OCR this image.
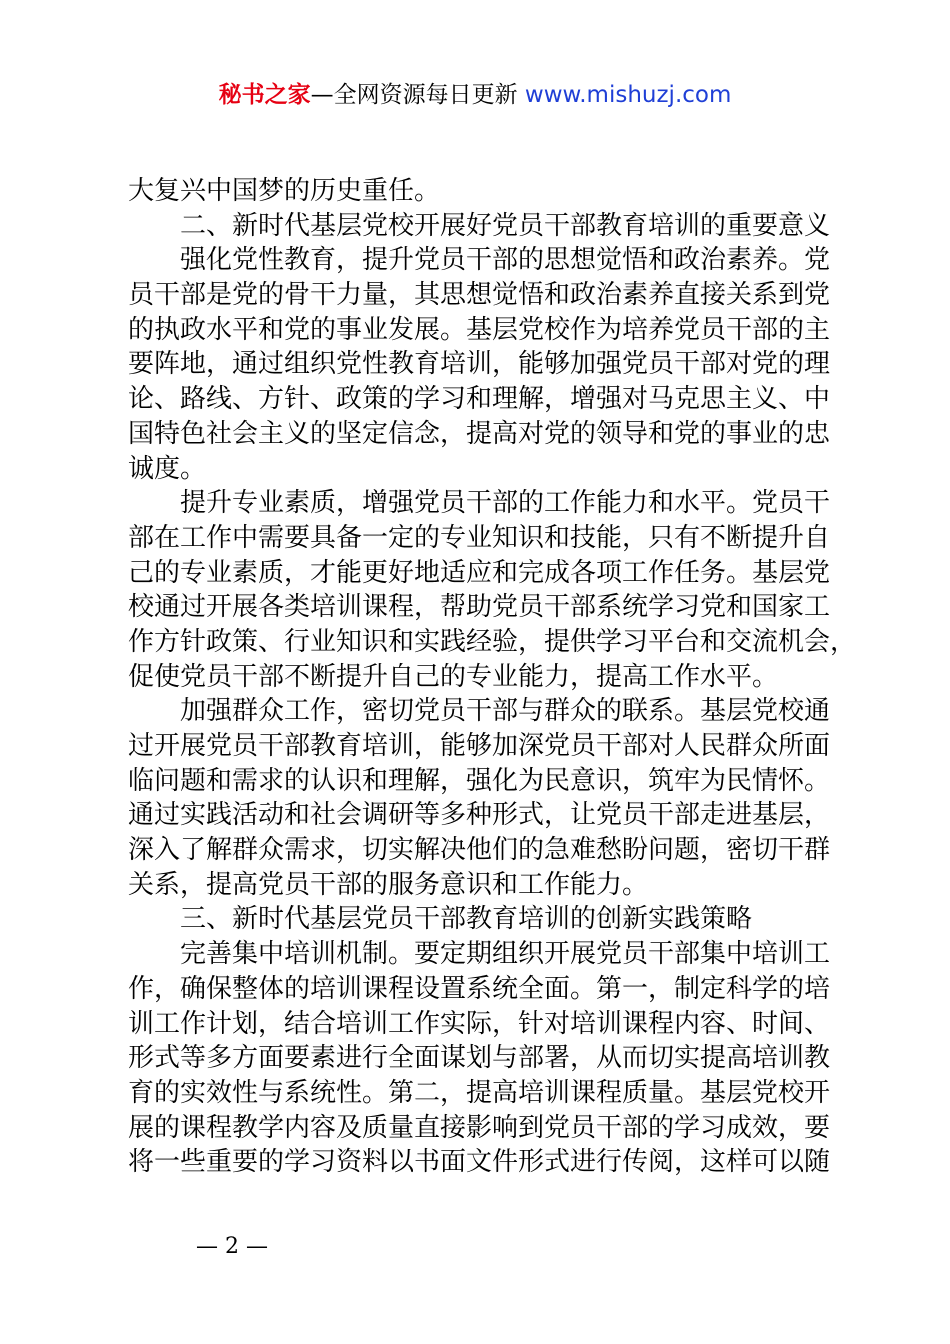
秘书之家—全网资源每日更新 www.mishuzj.com
大复兴中国梦的历史重任。
二、新时代基层党校开展好党员干部教育培训的重要意义
强化党性教育，提升党员干部的思想觉悟和政治素养。党
员干部是党的骨干力量，其思想觉悟和政治素养直接关系到党
的执政水平和党的事业发展。基层党校作为培养党员干部的主
要阵地，通过组织党性教育培训，能够加强党员干部对党的理
论、路线、方针、政策的学习和理解，增强对马克思主义、中
国特色社会主义的坚定信念，提高对党的领导和党的事业的忠
诚度。
提升专业素质，增强党员干部的工作能力和水平。党员干
部在工作中需要具备一定的专业知识和技能，只有不断提升自
己的专业素质，才能更好地适应和完成各项工作任务。基层党
校通过开展各类培训课程，帮助党员干部系统学习党和国家工
作方针政策、行业知识和实践经验，提供学习平台和交流机会，
促使党员干部不断提升自己的专业能力，提高工作水平。
加强群众工作，密切党员干部与群众的联系。基层党校通
过开展党员干部教育培训，能够加深党员干部对人民群众所面
临问题和需求的认识和理解，强化为民意识，筑牢为民情怀。
通过实践活动和社会调研等多种形式，让党员干部走进基层，
深入了解群众需求，切实解决他们的急难愁盼问题，密切干群
关系，提高党员干部的服务意识和工作能力。
三、新时代基层党员干部教育培训的创新实践策略
完善集中培训机制。要定期组织开展党员干部集中培训工
作，确保整体的培训课程设置系统全面。第一，制定科学的培
训工作计划，结合培训工作实际，针对培训课程内容、时间、
形式等多方面要素进行全面谋划与部署，从而切实提高培训教
育的实效性与系统性。第二，提高培训课程质量。基层党校开
展的课程教学内容及质量直接影响到党员干部的学习成效，要
将一些重要的学习资料以书面文件形式进行传阅，这样可以随
— 2 —
